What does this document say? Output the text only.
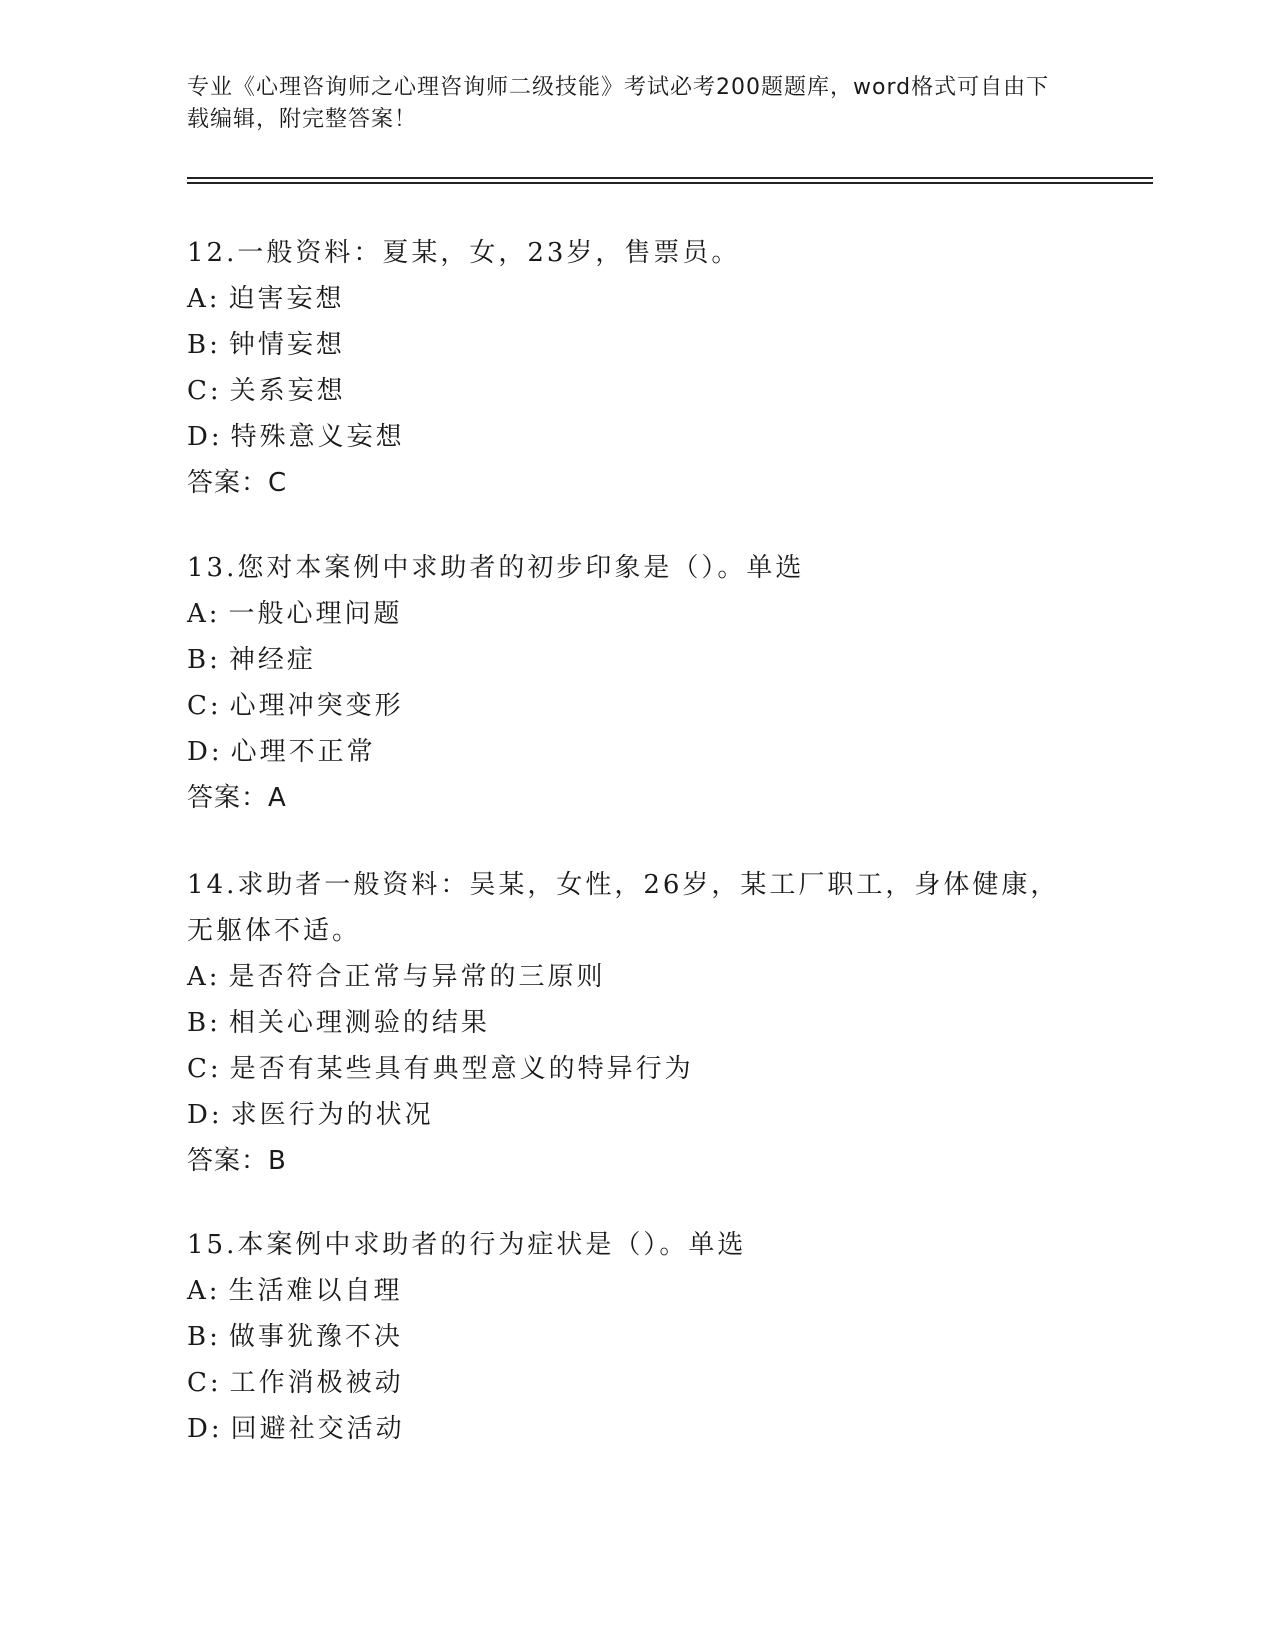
专业《心理咨询师之心理咨询师二级技能》考试必考200题题库，word格式可自由下载编辑，附完整答案！
12.一般资料：夏某，女，23岁，售票员。
A: 迫害妄想
B: 钟情妄想
C: 关系妄想
D: 特殊意义妄想
答案：C
13.您对本案例中求助者的初步印象是（）。单选
A: 一般心理问题
B: 神经症
C: 心理冲突变形
D: 心理不正常
答案：A
14.求助者一般资料：吴某，女性，26岁，某工厂职工，身体健康，无躯体不适。
A: 是否符合正常与异常的三原则
B: 相关心理测验的结果
C: 是否有某些具有典型意义的特异行为
D: 求医行为的状况
答案：B
15.本案例中求助者的行为症状是（）。单选
A: 生活难以自理
B: 做事犹豫不决
C: 工作消极被动
D: 回避社交活动
